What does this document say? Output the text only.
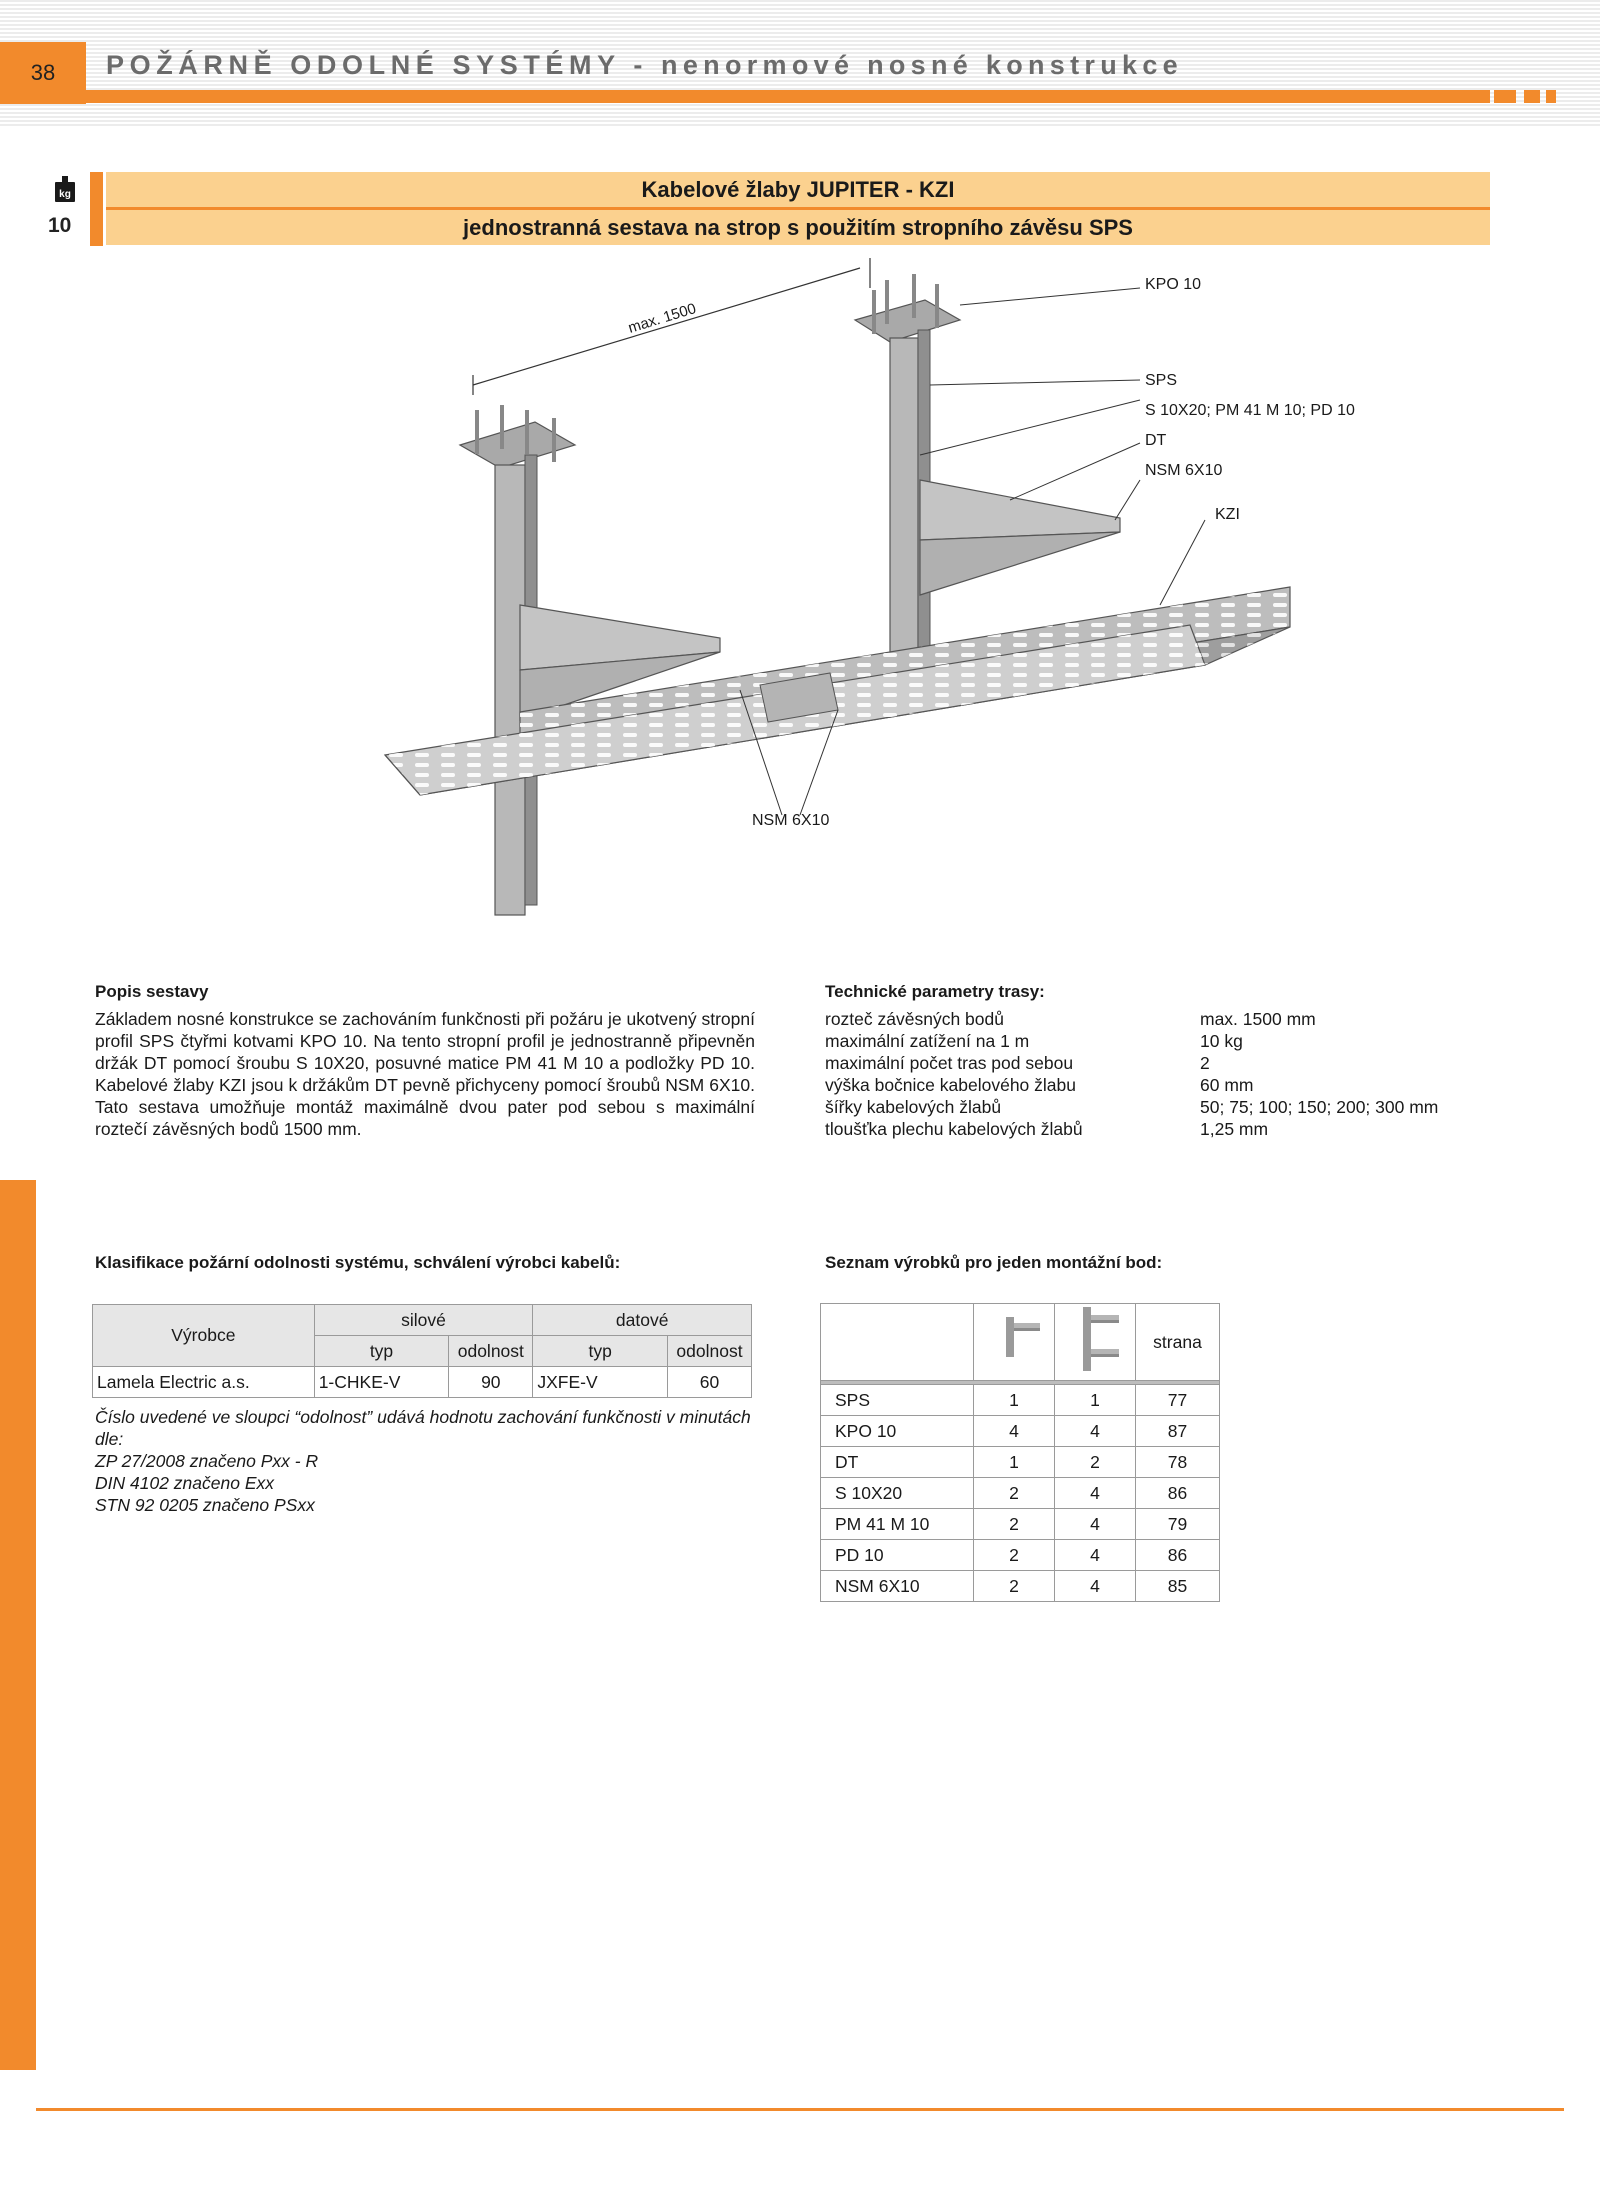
38 POŽÁRNĚ ODOLNÉ SYSTÉMY - nenormové nosné konstrukce
kg
10
Kabelové žlaby JUPITER - KZI
jednostranná sestava na strop s použitím stropního závěsu SPS
max. 1500
KPO 10
SPS
S 10X20; PM 41 M 10; PD 10
DT
NSM 6X10
KZI
NSM 6X10
Popis sestavy
Základem nosné konstrukce se zachováním funkčnosti při požáru je ukotvený stropní profil SPS čtyřmi kotvami KPO 10. Na tento stropní profil je jednostranně připevněn držák DT pomocí šroubu S 10X20, posuvné matice PM 41 M 10 a podložky PD 10. Kabelové žlaby KZI jsou k držákům DT pevně přichyceny pomocí šroubů NSM 6X10. Tato sestava umožňuje montáž maximálně dvou pater pod sebou s maximální roztečí závěsných bodů 1500 mm.
Technické parametry trasy:
rozteč závěsných bodů	max. 1500 mm
maximální zatížení na 1 m	10 kg
maximální počet tras pod sebou	2
výška bočnice kabelového žlabu	60 mm
šířky kabelových žlabů	50; 75; 100; 150; 200; 300 mm
tloušťka plechu kabelových žlabů	1,25 mm
Klasifikace požární odolnosti systému, schválení výrobci kabelů:
Výrobce	silové		datové	
	typ	odolnost	typ	odolnost
Lamela Electric a.s.	1-CHKE-V	90	JXFE-V	60
Číslo uvedené ve sloupci “odolnost” udává hodnotu zachování funkčnosti v minutách dle:
ZP 27/2008 značeno Pxx - R
DIN 4102 značeno Exx
STN 92 0205 značeno PSxx
Seznam výrobků pro jeden montážní bod:
			strana

SPS	1	1	77
KPO 10	4	4	87
DT	1	2	78
S 10X20	2	4	86
PM 41 M 10	2	4	79
PD 10	2	4	86
NSM 6X10	2	4	85
